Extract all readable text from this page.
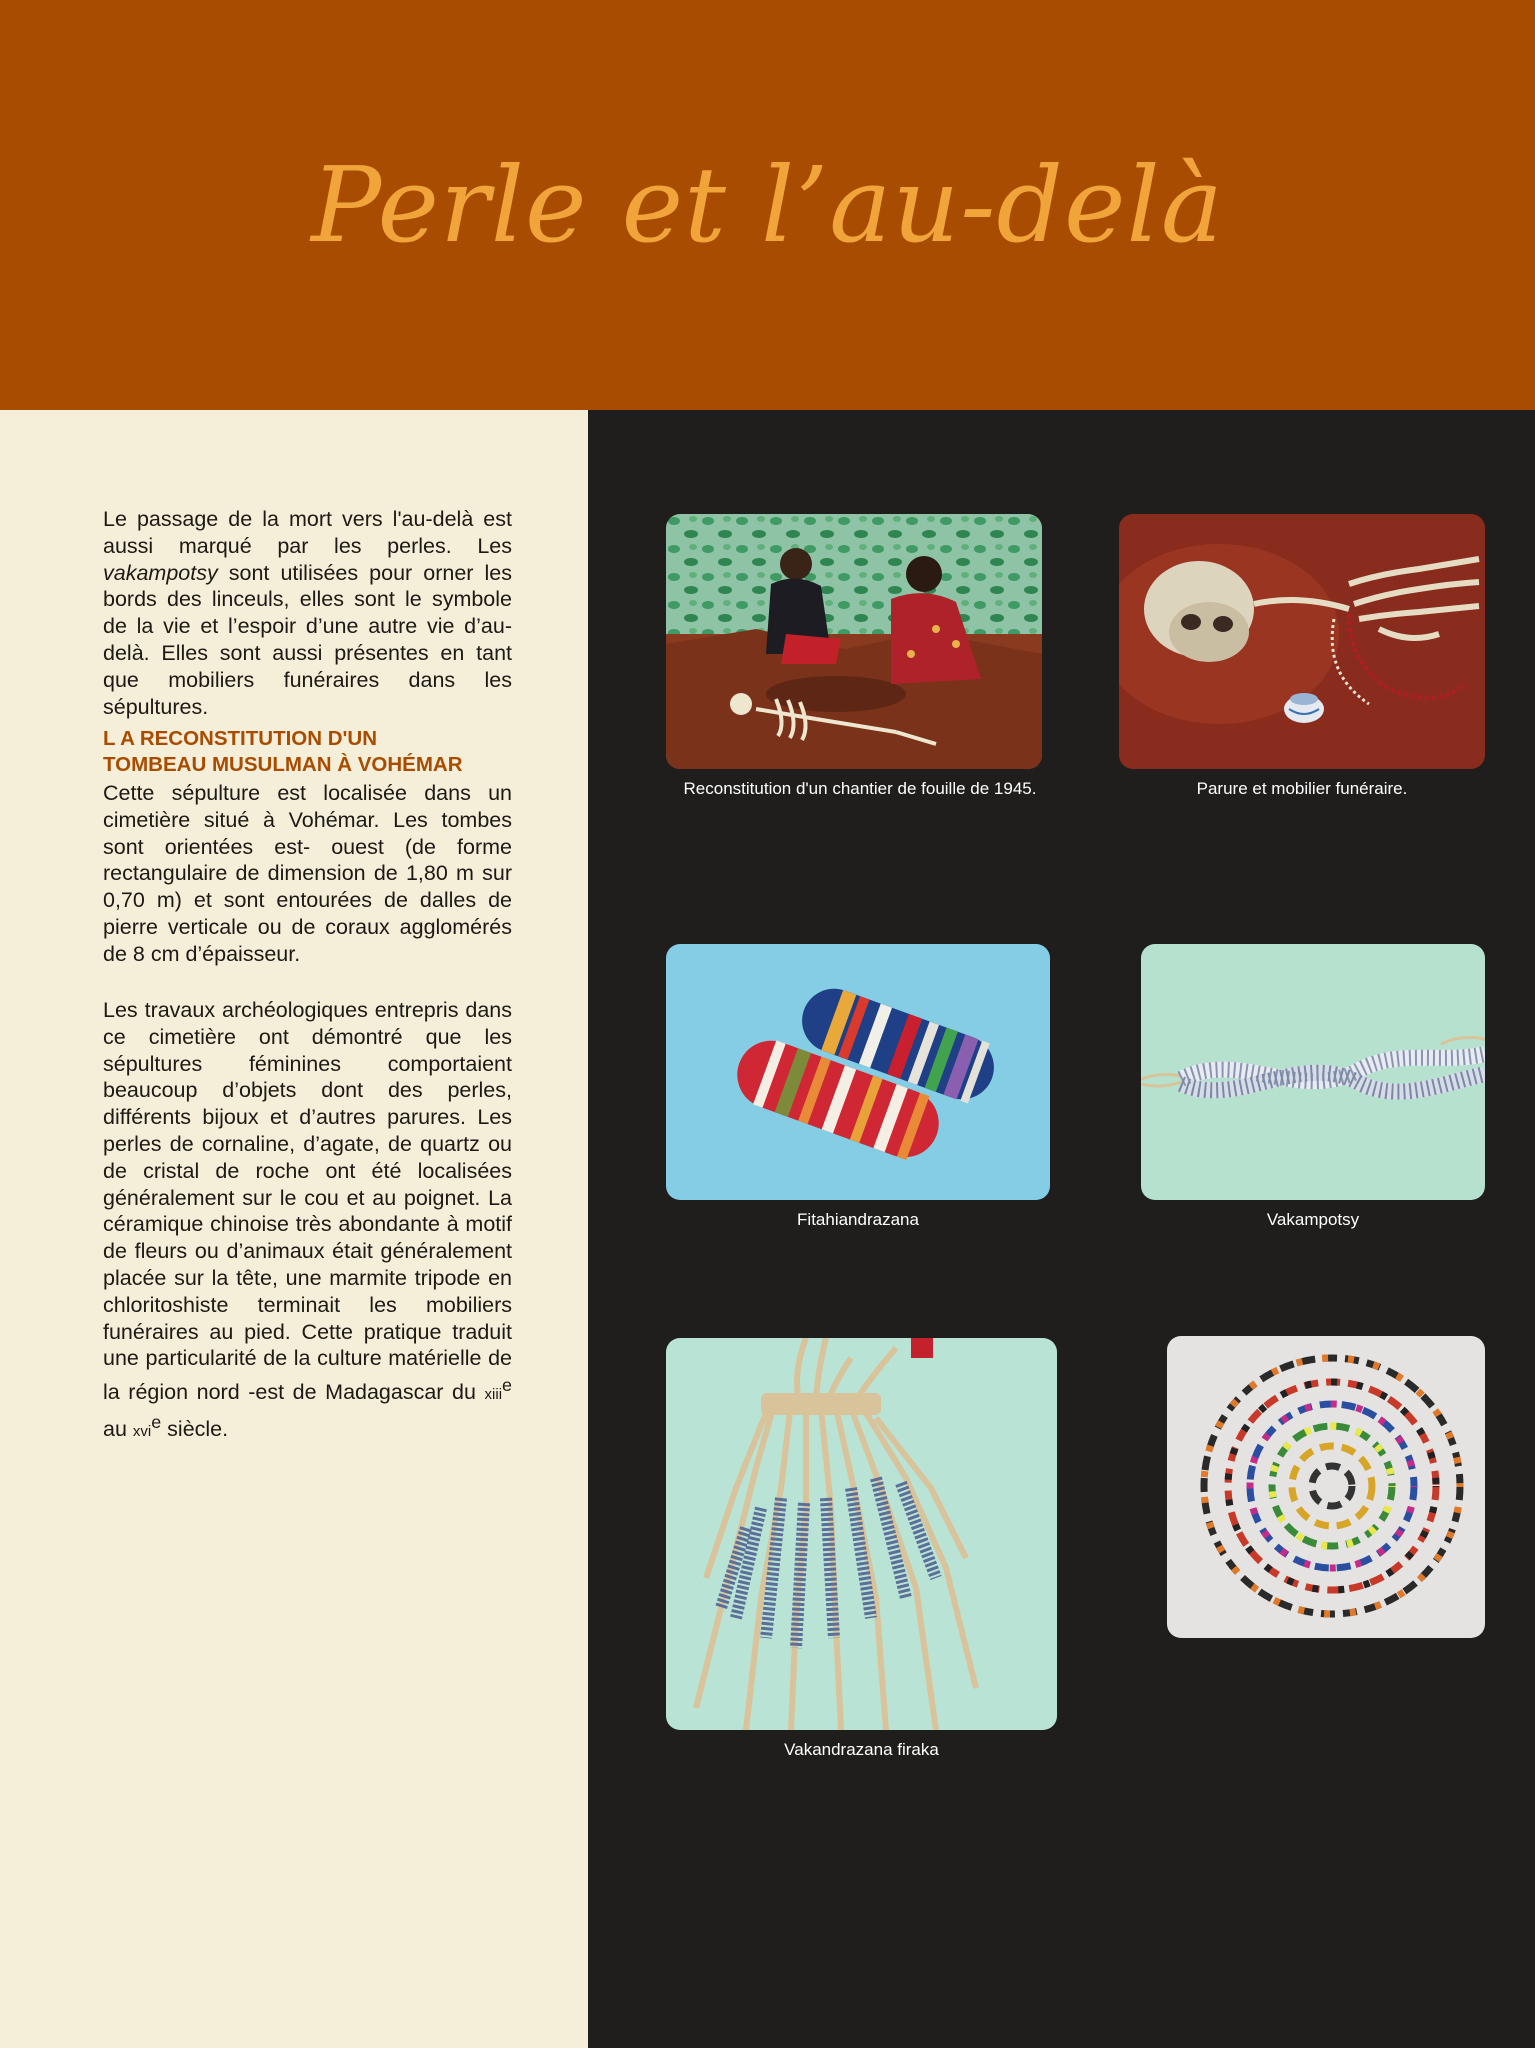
Perle et l’au-delà

Le passage de la mort vers l'au-delà est aussi marqué par les perles. Les vakampotsy sont utilisées pour orner les bords des linceuls, elles sont le symbole de la vie et l’espoir d’une autre vie d’au-delà. Elles sont aussi présentes en tant que mobiliers funéraires dans les sépultures.

L A RECONSTITUTION D'UN
TOMBEAU MUSULMAN À VOHÉMAR

Cette sépulture est localisée dans un cimetière situé à Vohémar. Les tombes sont orientées est- ouest (de forme rectangulaire de dimension de 1,80 m sur 0,70 m) et sont entourées de dalles de pierre verticale ou de coraux agglomérés de 8 cm d’épaisseur.

Les travaux archéologiques entrepris dans ce cimetière ont démontré que les sépultures féminines comportaient beaucoup d’objets dont des perles, différents bijoux et d’autres parures. Les perles de cornaline, d’agate, de quartz ou de cristal de roche ont été localisées généralement sur le cou et au poignet. La céramique chinoise très abondante à motif de fleurs ou d’animaux était généralement placée sur la tête, une marmite tripode en chloritoshiste terminait les mobiliers funéraires au pied. Cette pratique traduit une particularité de la culture matérielle de la région nord -est de Madagascar du xiii$^e$ au xvi$^e$ siècle.

Reconstitution d'un chantier de fouille de 1945.	Parure et mobilier funéraire.
Fitahiandrazana	Vakampotsy
Vakandrazana firaka
